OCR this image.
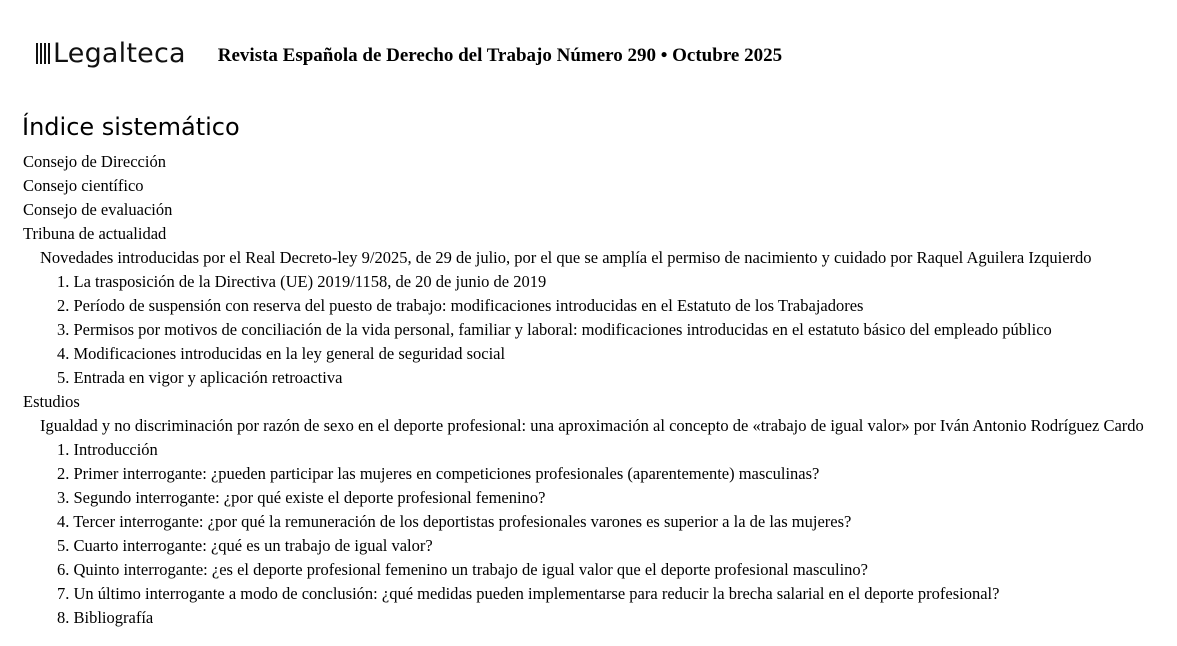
Legalteca Revista Española de Derecho del Trabajo Número 290 • Octubre 2025
Índice sistemático
Consejo de Dirección
Consejo científico
Consejo de evaluación
Tribuna de actualidad
Novedades introducidas por el Real Decreto-ley 9/2025, de 29 de julio, por el que se amplía el permiso de nacimiento y cuidado por Raquel Aguilera Izquierdo
1. La trasposición de la Directiva (UE) 2019/1158, de 20 de junio de 2019
2. Período de suspensión con reserva del puesto de trabajo: modificaciones introducidas en el Estatuto de los Trabajadores
3. Permisos por motivos de conciliación de la vida personal, familiar y laboral: modificaciones introducidas en el estatuto básico del empleado público
4. Modificaciones introducidas en la ley general de seguridad social
5. Entrada en vigor y aplicación retroactiva
Estudios
Igualdad y no discriminación por razón de sexo en el deporte profesional: una aproximación al concepto de «trabajo de igual valor» por Iván Antonio Rodríguez Cardo
1. Introducción
2. Primer interrogante: ¿pueden participar las mujeres en competiciones profesionales (aparentemente) masculinas?
3. Segundo interrogante: ¿por qué existe el deporte profesional femenino?
4. Tercer interrogante: ¿por qué la remuneración de los deportistas profesionales varones es superior a la de las mujeres?
5. Cuarto interrogante: ¿qué es un trabajo de igual valor?
6. Quinto interrogante: ¿es el deporte profesional femenino un trabajo de igual valor que el deporte profesional masculino?
7. Un último interrogante a modo de conclusión: ¿qué medidas pueden implementarse para reducir la brecha salarial en el deporte profesional?
8. Bibliografía
